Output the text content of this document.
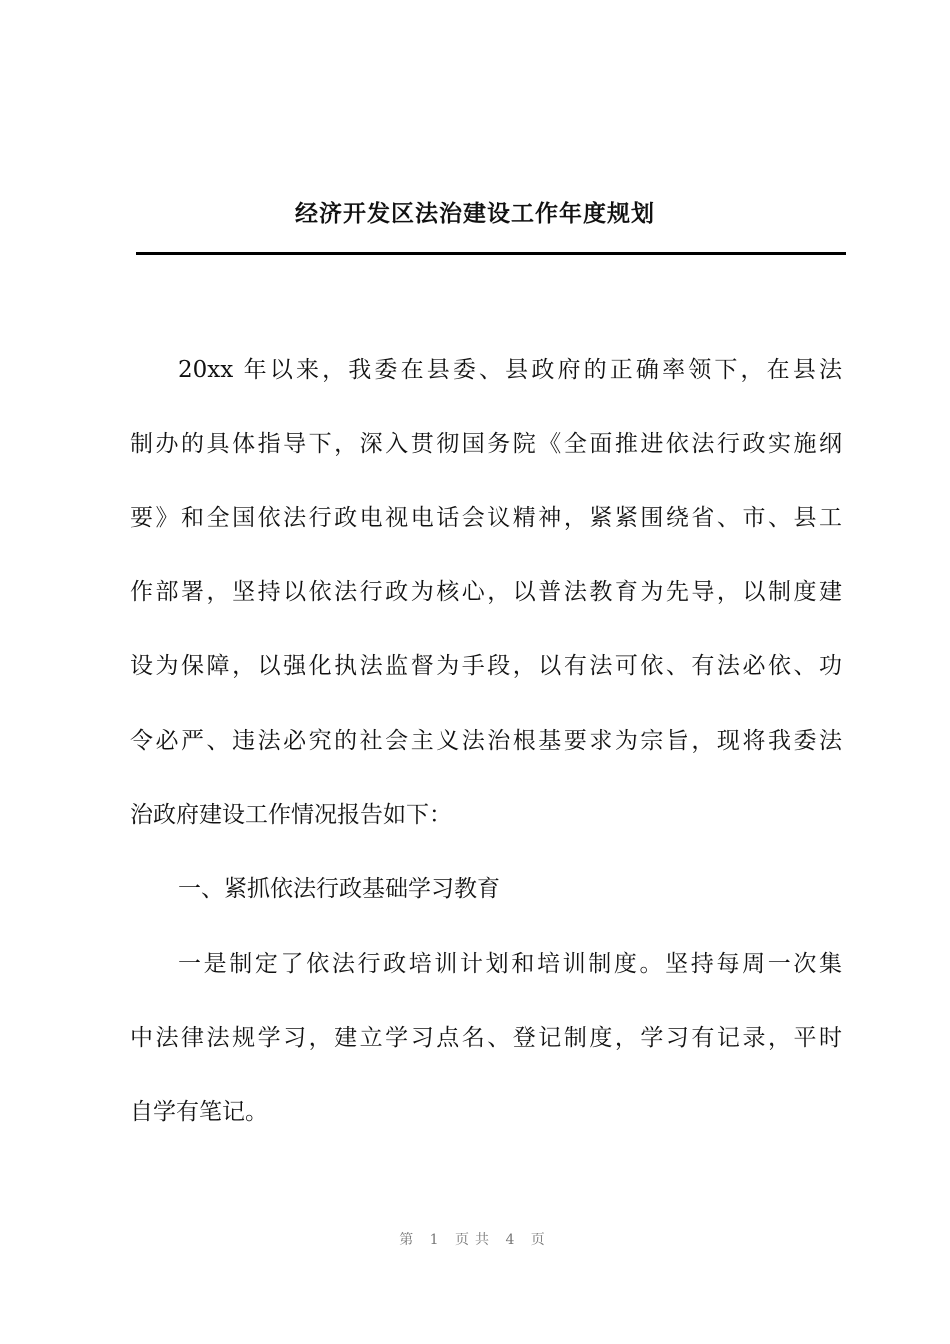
经济开发区法治建设工作年度规划
20xx 年以来，我委在县委、县政府的正确率领下，在县法
制办的具体指导下，深入贯彻国务院《全面推进依法行政实施纲
要》和全国依法行政电视电话会议精神，紧紧围绕省、市、县工
作部署，坚持以依法行政为核心，以普法教育为先导，以制度建
设为保障，以强化执法监督为手段，以有法可依、有法必依、功
令必严、违法必究的社会主义法治根基要求为宗旨，现将我委法
治政府建设工作情况报告如下：
一、紧抓依法行政基础学习教育
一是制定了依法行政培训计划和培训制度。坚持每周一次集
中法律法规学习，建立学习点名、登记制度，学习有记录，平时
自学有笔记。
第 1 页共 4 页
